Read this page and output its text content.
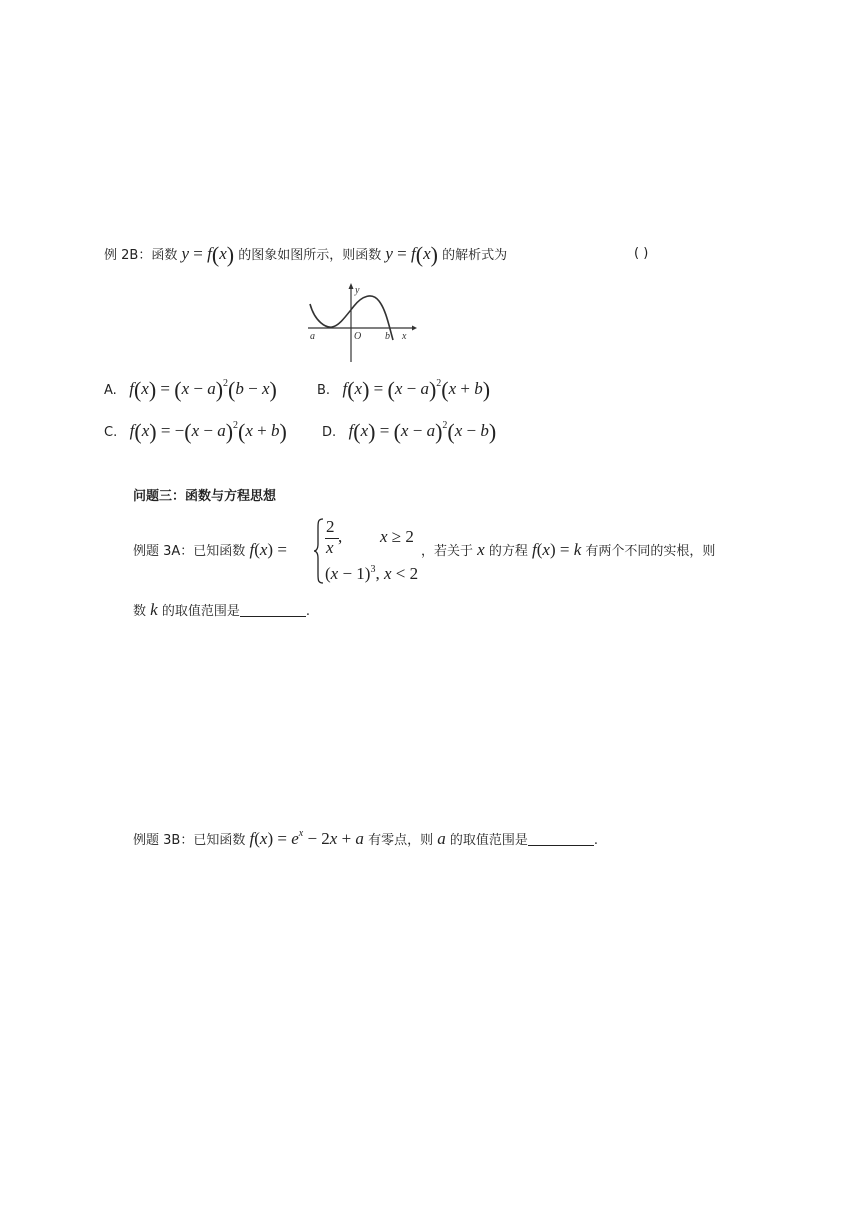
例 2B：函数 y = f(x) 的图象如图所示，则函数 y = f(x) 的解析式为	( )
y
x
a	O b
A. $f(x) = (x - a)^2(b - x)$	B. $f(x) = (x - a)^2(x + b)$
C. $f(x) = -(x - a)^2(x + b)$	D. $f(x) = (x - a)^2(x - b)$
问题三：函数与方程思想
例题 3A：已知函数 f(x) =
2
x
, x ≥ 2
$(x - 1)^3$, x < 2
，若关于 x 的方程 f(x) = k 有两个不同的实根，则
数 k 的取值范围是	.
例题 3B：已知函数 $f(x) = e^x - 2x + a$ 有零点，则 a 的取值范围是	.
